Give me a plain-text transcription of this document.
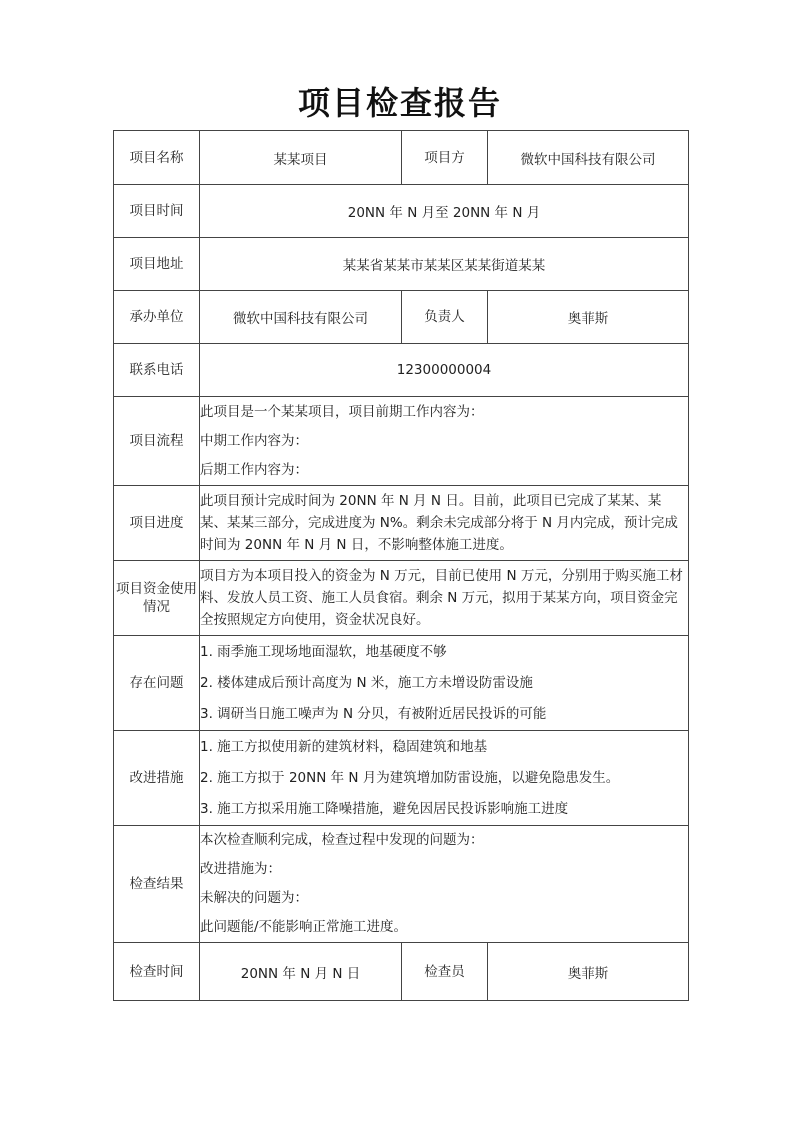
项目检查报告
项目名称	某某项目	项目方	微软中国科技有限公司
项目时间	20NN 年 N 月至 20NN 年 N 月		
项目地址	某某省某某市某某区某某街道某某		
承办单位	微软中国科技有限公司	负责人	奥菲斯
联系电话	12300000004		
项目流程	此项目是一个某某项目，项目前期工作内容为：
中期工作内容为：
后期工作内容为：		

项目进度	此项目预计完成时间为 20NN 年 N 月 N 日。目前，此项目已完成了某某、某某、某某三部分，完成进度为 N%。剩余未完成部分将于 N 月内完成，预计完成时间为 20NN 年 N 月 N 日，不影响整体施工进度。		
项目资金使用情况	项目方为本项目投入的资金为 N 万元，目前已使用 N 万元，分别用于购买施工材料、发放人员工资、施工人员食宿。剩余 N 万元，拟用于某某方向，项目资金完全按照规定方向使用，资金状况良好。		
存在问题	1. 雨季施工现场地面湿软，地基硬度不够
2. 楼体建成后预计高度为 N 米，施工方未增设防雷设施
3. 调研当日施工噪声为 N 分贝，有被附近居民投诉的可能		

改进措施	1. 施工方拟使用新的建筑材料，稳固建筑和地基
2. 施工方拟于 20NN 年 N 月为建筑增加防雷设施，以避免隐患发生。
3. 施工方拟采用施工降噪措施，避免因居民投诉影响施工进度		

检查结果	本次检查顺利完成，检查过程中发现的问题为：
改进措施为：
未解决的问题为：
此问题能/不能影响正常施工进度。		

检查时间	20NN 年 N 月 N 日	检查员	奥菲斯
